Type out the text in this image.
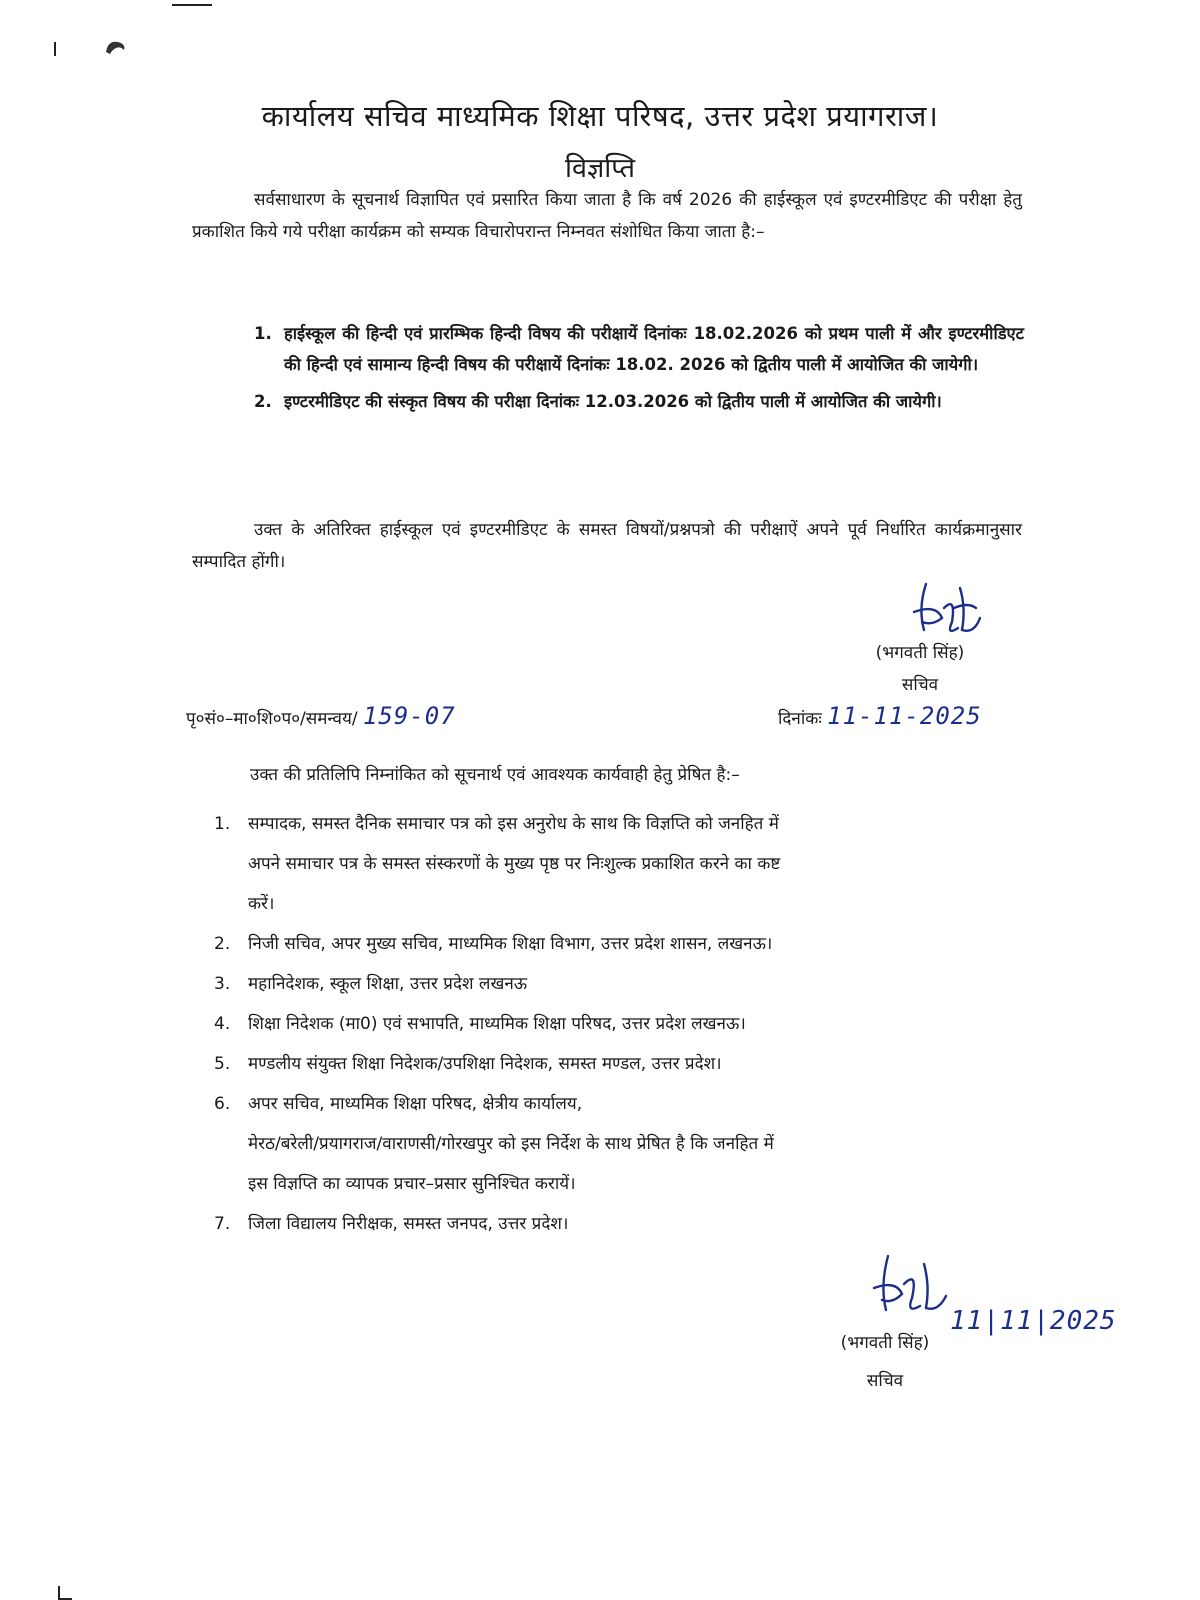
कार्यालय सचिव माध्यमिक शिक्षा परिषद, उत्तर प्रदेश प्रयागराज।
विज्ञप्ति
सर्वसाधारण के सूचनार्थ विज्ञापित एवं प्रसारित किया जाता है कि वर्ष 2026 की हाईस्कूल एवं इण्टरमीडिएट की परीक्षा हेतु प्रकाशित किये गये परीक्षा कार्यक्रम को सम्यक विचारोपरान्त निम्नवत संशोधित किया जाता है:–
1. हाईस्कूल की हिन्दी एवं प्रारम्भिक हिन्दी विषय की परीक्षायें दिनांकः 18.02.2026 को प्रथम पाली में और इण्टरमीडिएट की हिन्दी एवं सामान्य हिन्दी विषय की परीक्षायें दिनांकः 18.02. 2026 को द्वितीय पाली में आयोजित की जायेगी।
2. इण्टरमीडिएट की संस्कृत विषय की परीक्षा दिनांकः 12.03.2026 को द्वितीय पाली में आयोजित की जायेगी।
उक्त के अतिरिक्त हाईस्कूल एवं इण्टरमीडिएट के समस्त विषयों/प्रश्नपत्रो की परीक्षाऐं अपने पूर्व निर्धारित कार्यक्रमानुसार सम्पादित होंगी।
(भगवती सिंह)
सचिव
पृ०सं०–मा०शि०प०/समन्वय/ 159-07	दिनांकः 11-11-2025
उक्त की प्रतिलिपि निम्नांकित को सूचनार्थ एवं आवश्यक कार्यवाही हेतु प्रेषित है:–
1. सम्पादक, समस्त दैनिक समाचार पत्र को इस अनुरोध के साथ कि विज्ञप्ति को जनहित में
अपने समाचार पत्र के समस्त संस्करणों के मुख्य पृष्ठ पर निःशुल्क प्रकाशित करने का कष्ट
करें।
2. निजी सचिव, अपर मुख्य सचिव, माध्यमिक शिक्षा विभाग, उत्तर प्रदेश शासन, लखनऊ।
3. महानिदेशक, स्कूल शिक्षा, उत्तर प्रदेश लखनऊ
4. शिक्षा निदेशक (मा0) एवं सभापति, माध्यमिक शिक्षा परिषद, उत्तर प्रदेश लखनऊ।
5. मण्डलीय संयुक्त शिक्षा निदेशक/उपशिक्षा निदेशक, समस्त मण्डल, उत्तर प्रदेश।
6. अपर सचिव, माध्यमिक शिक्षा परिषद, क्षेत्रीय कार्यालय,
मेरठ/बरेली/प्रयागराज/वाराणसी/गोरखपुर को इस निर्देश के साथ प्रेषित है कि जनहित में
इस विज्ञप्ति का व्यापक प्रचार–प्रसार सुनिश्चित करायें।
7. जिला विद्यालय निरीक्षक, समस्त जनपद, उत्तर प्रदेश।
11|11|2025
(भगवती सिंह)
सचिव
